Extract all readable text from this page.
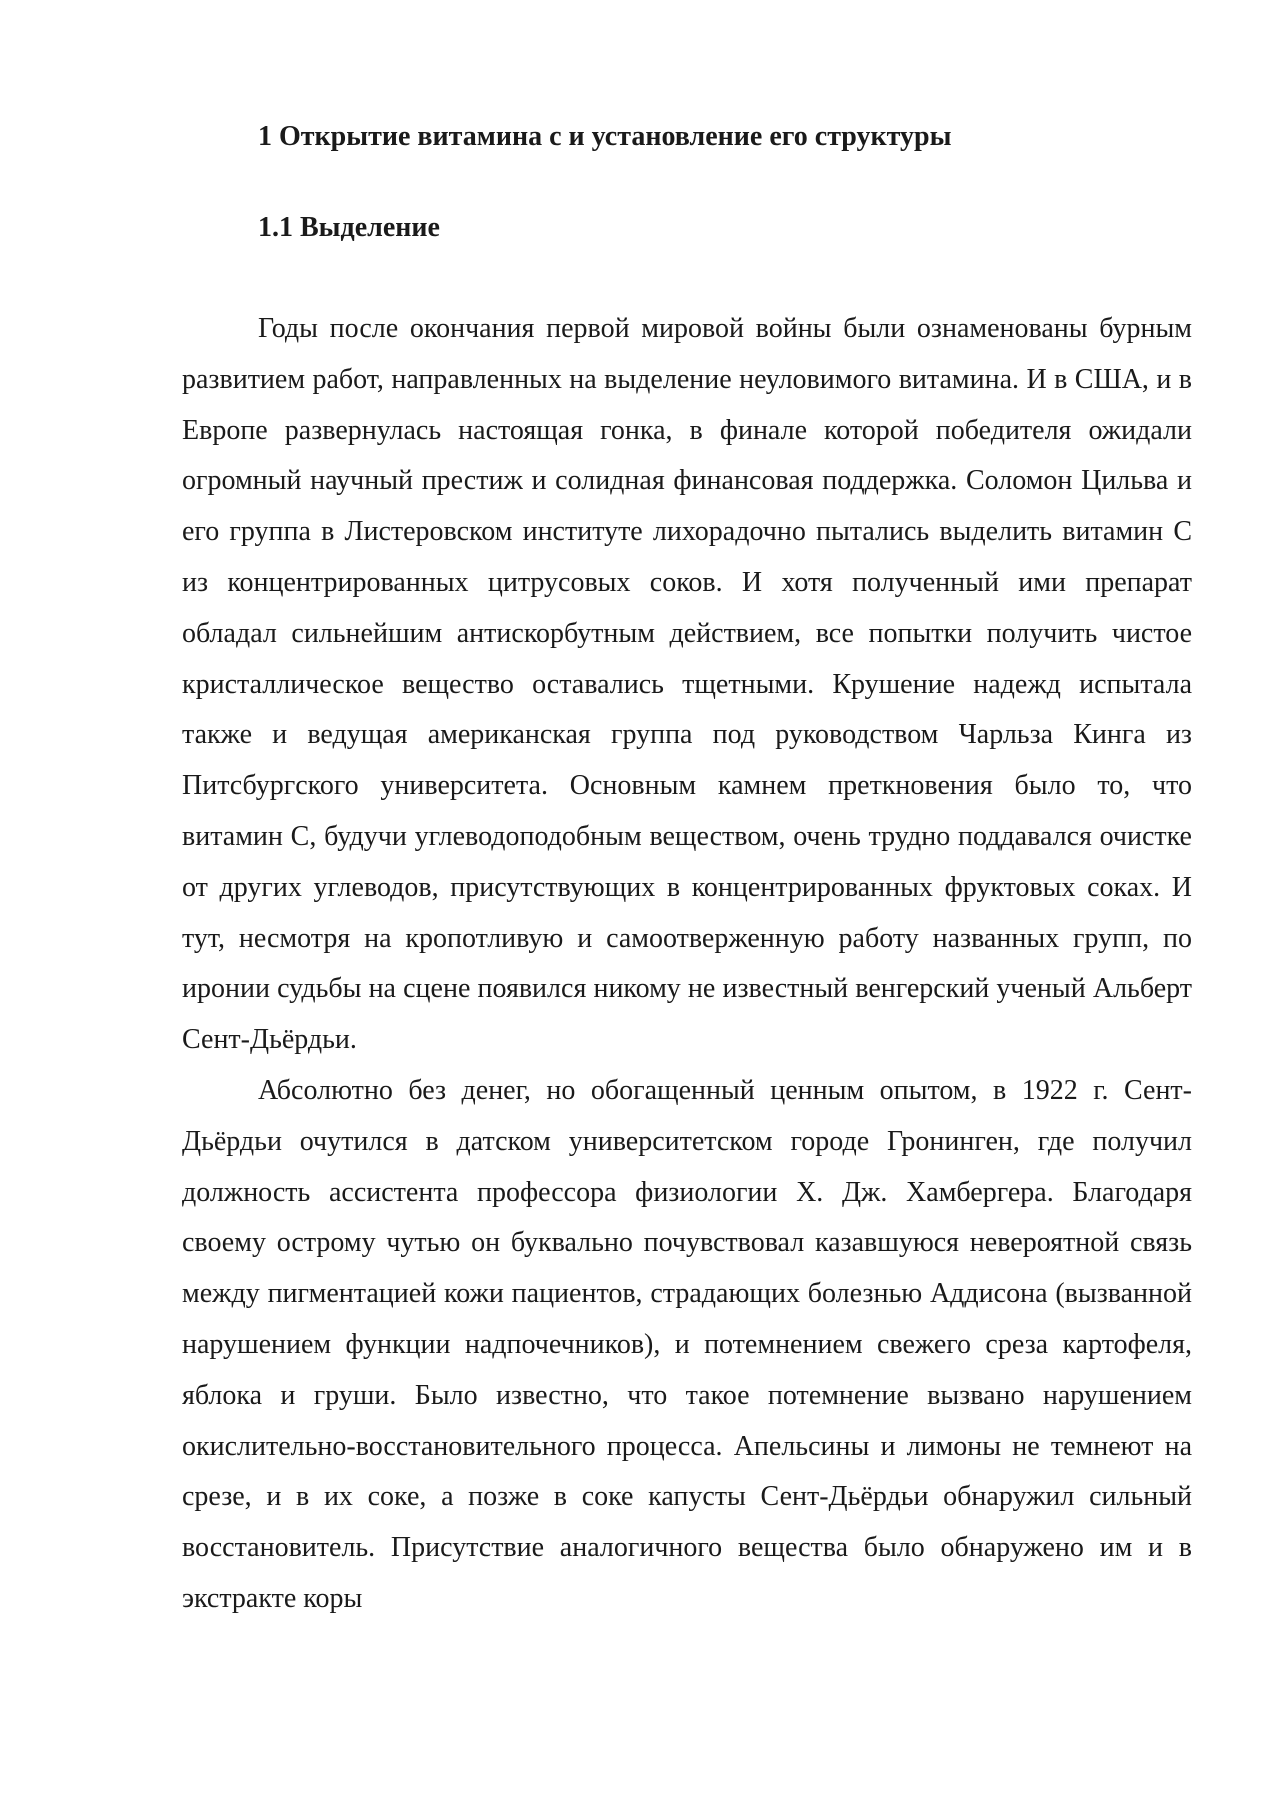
1 Открытие витамина с и установление его структуры
1.1 Выделение

Годы после окончания первой мировой войны были ознаменованы бурным развитием работ, направленных на выделение неуловимого витамина. И в США, и в Европе развернулась настоящая гонка, в финале которой победителя ожидали огромный научный престиж и солидная финансовая поддержка. Соломон Цильва и его группа в Листеровском институте лихорадочно пытались выделить витамин С из концентрированных цитрусовых соков. И хотя полученный ими препарат обладал сильнейшим антискорбутным действием, все попытки получить чистое кристаллическое вещество оставались тщетными. Крушение надежд испытала также и ведущая американская группа под руководством Чарльза Кинга из Питсбургского университета. Основным камнем преткновения было то, что витамин С, будучи углеводоподобным веществом, очень трудно поддавался очистке от других углеводов, присутствующих в концентрированных фруктовых соках. И тут, несмотря на кропотливую и самоотверженную работу названных групп, по иронии судьбы на сцене появился никому не известный венгерский ученый Альберт Сент-Дьёрдьи.

Абсолютно без денег, но обогащенный ценным опытом, в 1922 г. Сент-Дьёрдьи очутился в датском университетском городе Гронинген, где получил должность ассистента профессора физиологии Х. Дж. Хамбергера. Благодаря своему острому чутью он буквально почувствовал казавшуюся невероятной связь между пигментацией кожи пациентов, страдающих болезнью Аддисона (вызванной нарушением функции надпочечников), и потемнением свежего среза картофеля, яблока и груши. Было известно, что такое потемнение вызвано нарушением окислительно-восстановительного процесса. Апельсины и лимоны не темнеют на срезе, и в их соке, а позже в соке капусты Сент-Дьёрдьи обнаружил сильный восстановитель. Присутствие аналогичного вещества было обнаружено им и в экстракте коры
